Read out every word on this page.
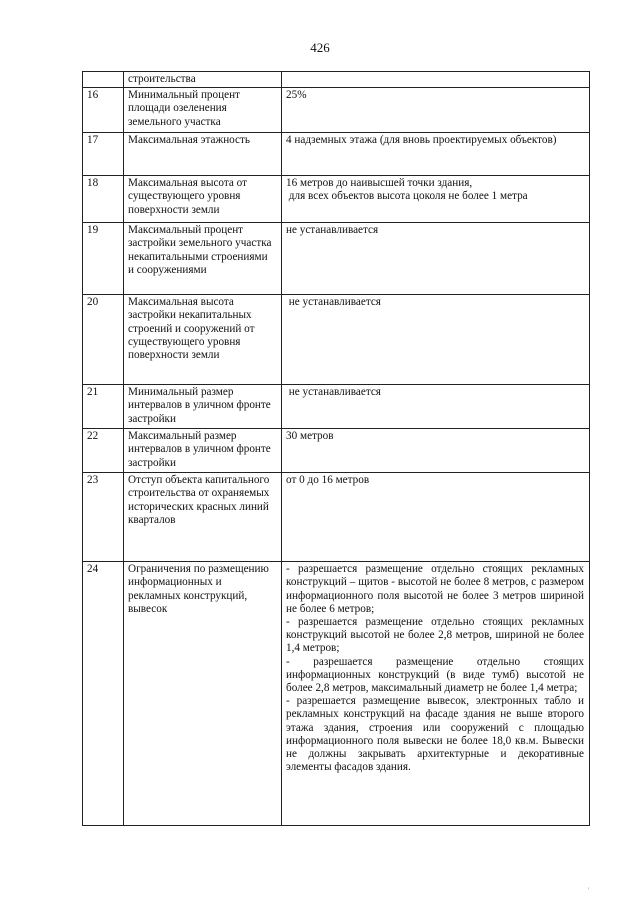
426
	строительства	
16	Минимальный процент площади озеленения земельного участка	25%
17	Максимальная этажность	4 надземных этажа (для вновь проектируемых объектов)
18	Максимальная высота от существующего уровня поверхности земли	16 метров до наивысшей точки здания,
для всех объектов высота цоколя не более 1 метра

19	Максимальный процент застройки земельного участка некапитальными строениями и сооружениями	не устанавливается
20	Максимальная высота застройки некапитальных строений и сооружений от существующего уровня поверхности земли	не устанавливается
21	Минимальный размер интервалов в уличном фронте застройки	не устанавливается
22	Максимальный размер интервалов в уличном фронте застройки	30 метров
23	Отступ объекта капитального строительства от охраняемых исторических красных линий кварталов	от 0 до 16 метров
24	Ограничения по размещению информационных и рекламных конструкций, вывесок	- разрешается размещение отдельно стоящих рекламных конструкций – щитов - высотой не более 8 метров, с размером информационного поля высотой не более 3 метров шириной не более 6 метров;
- разрешается размещение отдельно стоящих рекламных конструкций высотой не более 2,8 метров, шириной не более 1,4 метров;
- разрешается размещение отдельно стоящих информационных конструкций (в виде тумб) высотой не более 2,8 метров, максимальный диаметр не более 1,4 метра;
- разрешается размещение вывесок, электронных табло и рекламных конструкций на фасаде здания не выше второго этажа здания, строения или сооружений с площадью информационного поля вывески не более 18,0 кв.м. Вывески не должны закрывать архитектурные и декоративные элементы фасадов здания.
'
